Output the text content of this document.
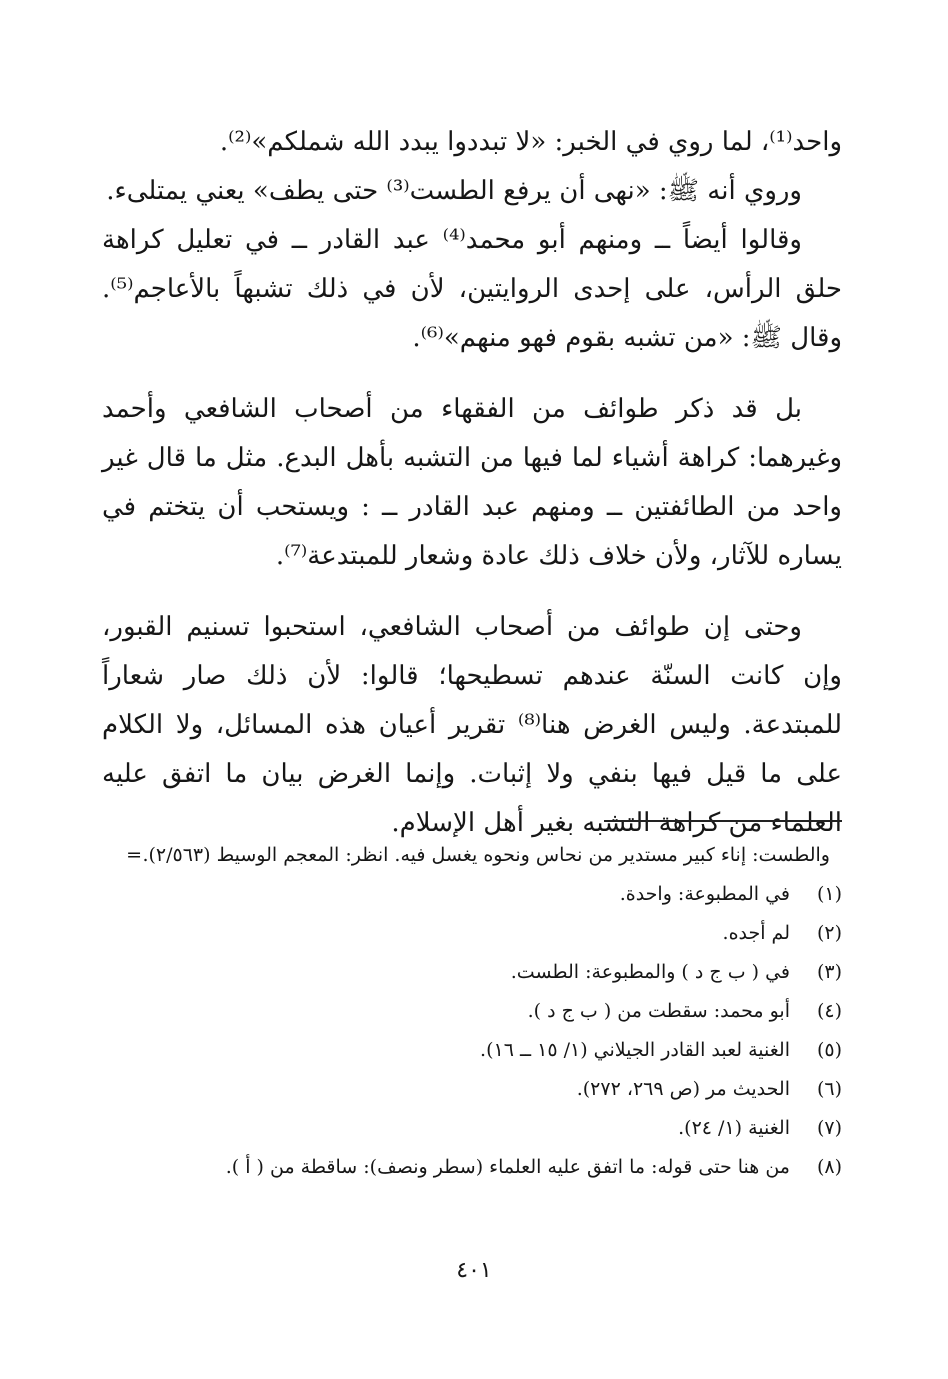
واحد⁽¹⁾، لما روي في الخبر: «لا تبددوا يبدد الله شملكم»⁽²⁾.

وروي أنه ﷺ: «نهى أن يرفع الطست⁽³⁾ حتى يطف» يعني يمتلىء.

وقالوا أيضاً ــ ومنهم أبو محمد⁽⁴⁾ عبد القادر ــ في تعليل كراهة حلق الرأس، على إحدى الروايتين، لأن في ذلك تشبهاً بالأعاجم⁽⁵⁾. وقال ﷺ: «من تشبه بقوم فهو منهم»⁽⁶⁾.

بل قد ذكر طوائف من الفقهاء من أصحاب الشافعي وأحمد وغيرهما: كراهة أشياء لما فيها من التشبه بأهل البدع. مثل ما قال غير واحد من الطائفتين ــ ومنهم عبد القادر ــ : ويستحب أن يتختم في يساره للآثار، ولأن خلاف ذلك عادة وشعار للمبتدعة⁽⁷⁾.

وحتى إن طوائف من أصحاب الشافعي، استحبوا تسنيم القبور، وإن كانت السنّة عندهم تسطيحها؛ قالوا: لأن ذلك صار شعاراً للمبتدعة. وليس الغرض هنا⁽⁸⁾ تقرير أعيان هذه المسائل، ولا الكلام على ما قيل فيها بنفي ولا إثبات. وإنما الغرض بيان ما اتفق عليه العلماء من كراهة التشبه بغير أهل الإسلام.

والطست: إناء كبير مستدير من نحاس ونحوه يغسل فيه. انظر: المعجم الوسيط (٢/٥٦٣).
=
(١)
في المطبوعة: واحدة.
(٢)
لم أجده.
(٣)
في ( ب ج د ) والمطبوعة: الطست.
(٤)
أبو محمد: سقطت من ( ب ج د ).
(٥)
الغنية لعبد القادر الجيلاني (١/ ١٥ ــ ١٦).
(٦)
الحديث مر (ص ٢٦٩، ٢٧٢).
(٧)
الغنية (١/ ٢٤).
(٨)
من هنا حتى قوله: ما اتفق عليه العلماء (سطر ونصف): ساقطة من ( أ ).
٤٠١
